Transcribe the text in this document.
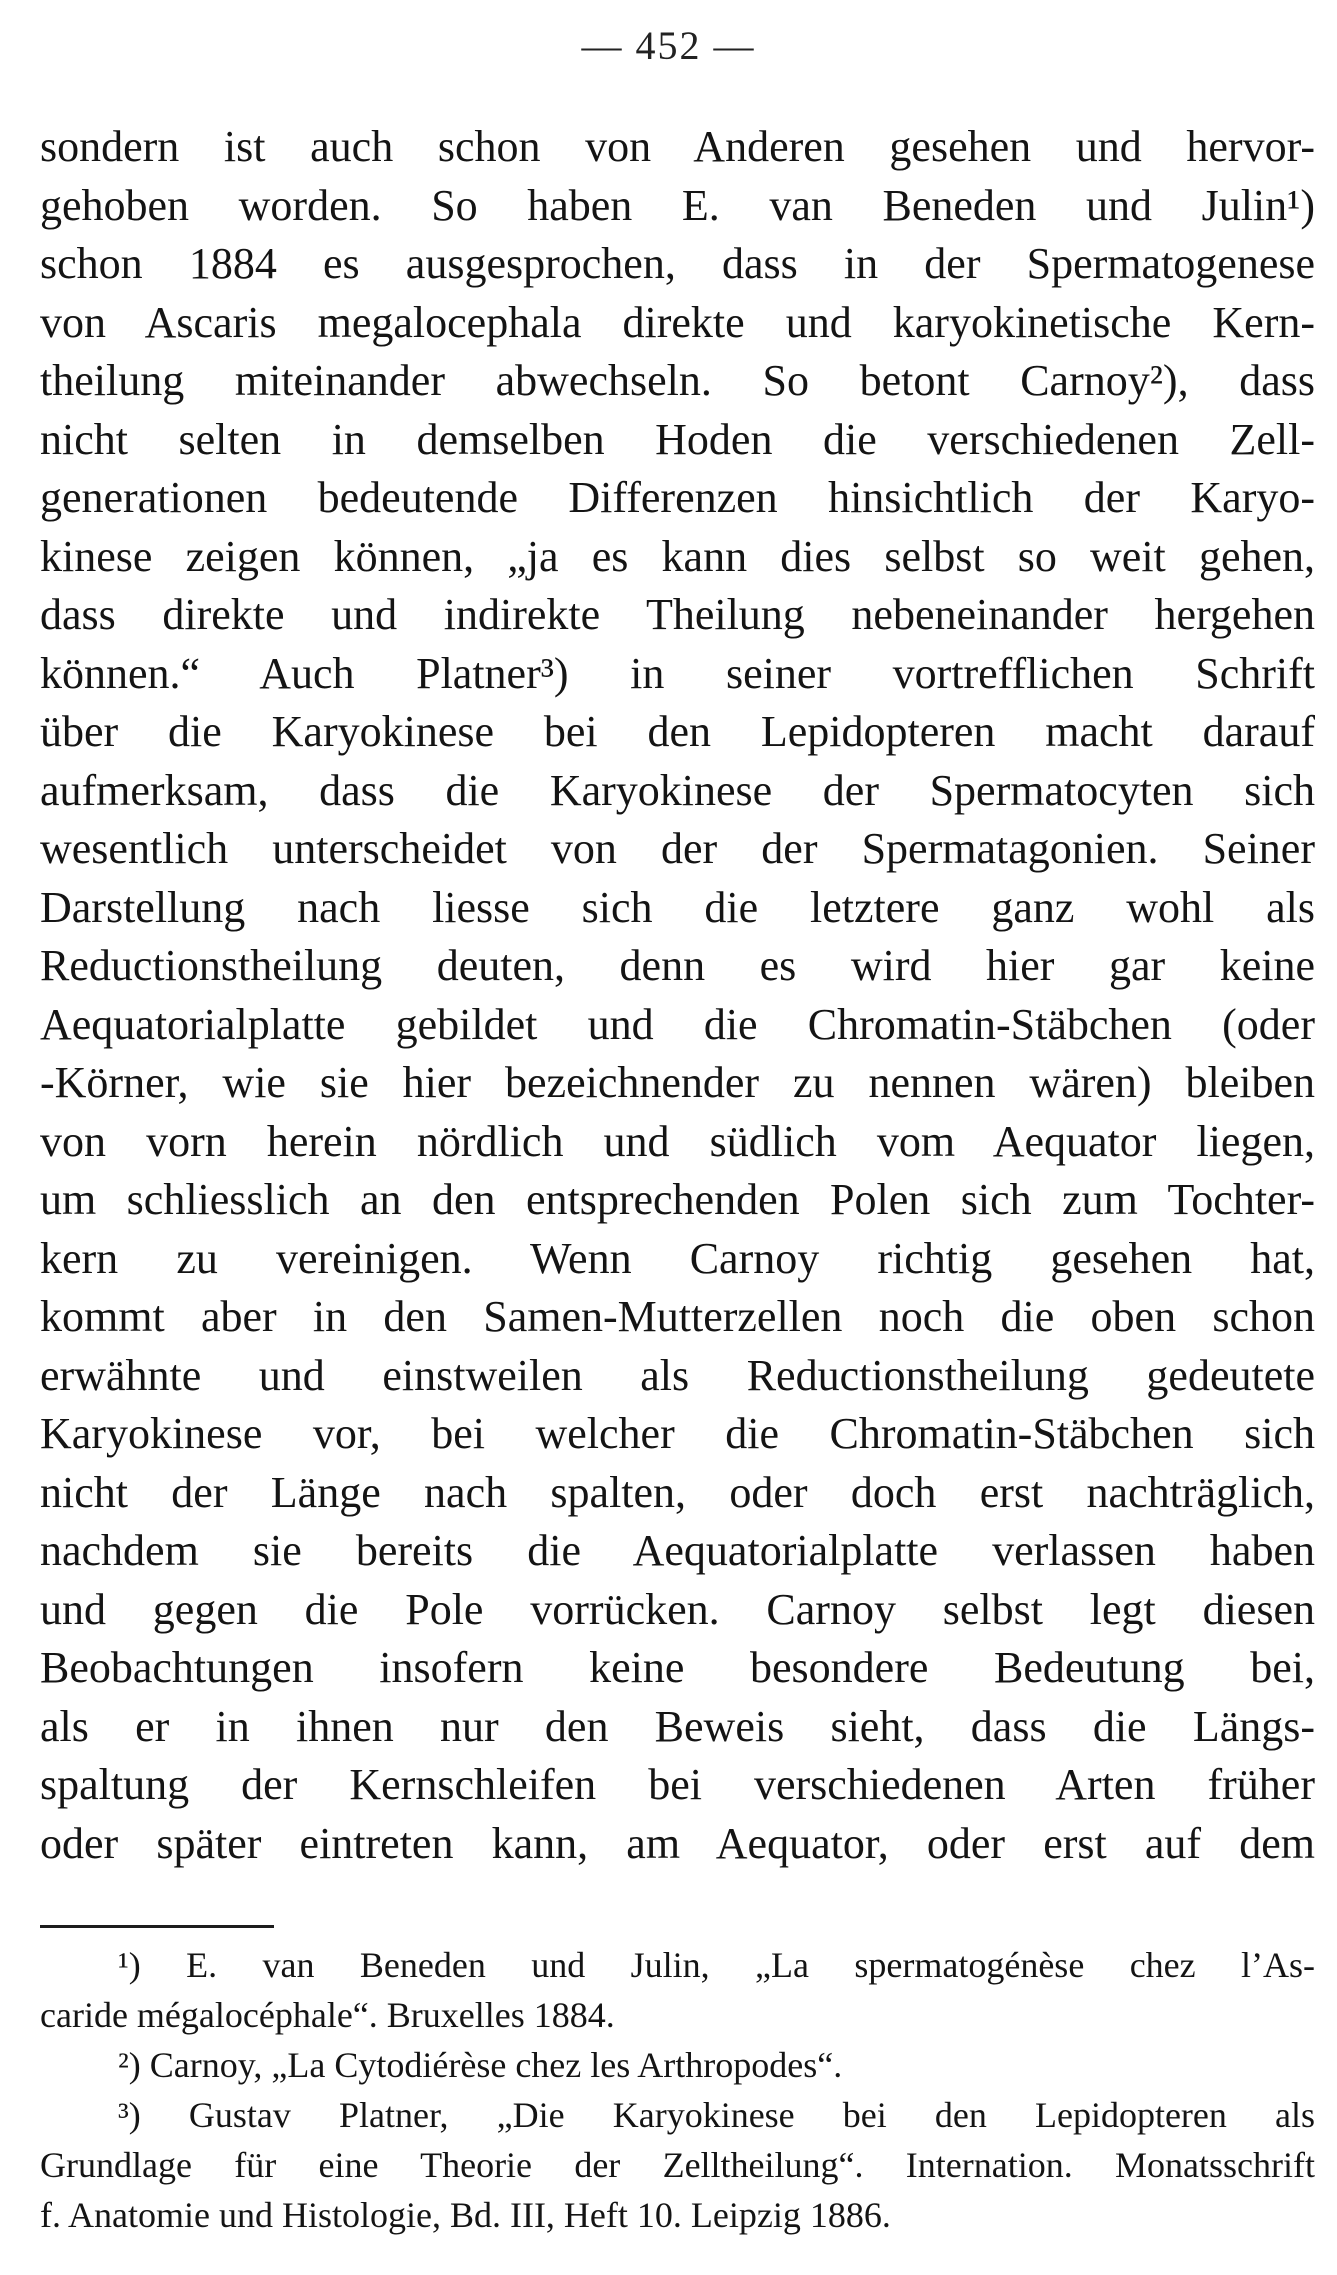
— 452 —
sondern ist auch schon von Anderen gesehen und hervor-
gehoben worden. So haben E. van Beneden und Julin¹)
schon 1884 es ausgesprochen, dass in der Spermatogenese
von Ascaris megalocephala direkte und karyokinetische Kern-
theilung miteinander abwechseln. So betont Carnoy²), dass
nicht selten in demselben Hoden die verschiedenen Zell-
generationen bedeutende Differenzen hinsichtlich der Karyo-
kinese zeigen können, „ja es kann dies selbst so weit gehen,
dass direkte und indirekte Theilung nebeneinander hergehen
können.“ Auch Platner³) in seiner vortrefflichen Schrift
über die Karyokinese bei den Lepidopteren macht darauf
aufmerksam, dass die Karyokinese der Spermatocyten sich
wesentlich unterscheidet von der der Spermatagonien. Seiner
Darstellung nach liesse sich die letztere ganz wohl als
Reductionstheilung deuten, denn es wird hier gar keine
Aequatorialplatte gebildet und die Chromatin-Stäbchen (oder
-Körner, wie sie hier bezeichnender zu nennen wären) bleiben
von vorn herein nördlich und südlich vom Aequator liegen,
um schliesslich an den entsprechenden Polen sich zum Tochter-
kern zu vereinigen. Wenn Carnoy richtig gesehen hat,
kommt aber in den Samen-Mutterzellen noch die oben schon
erwähnte und einstweilen als Reductionstheilung gedeutete
Karyokinese vor, bei welcher die Chromatin-Stäbchen sich
nicht der Länge nach spalten, oder doch erst nachträglich,
nachdem sie bereits die Aequatorialplatte verlassen haben
und gegen die Pole vorrücken. Carnoy selbst legt diesen
Beobachtungen insofern keine besondere Bedeutung bei,
als er in ihnen nur den Beweis sieht, dass die Längs-
spaltung der Kernschleifen bei verschiedenen Arten früher
oder später eintreten kann, am Aequator, oder erst auf dem
¹) E. van Beneden und Julin, „La spermatogénèse chez l’As-
caride mégalocéphale“. Bruxelles 1884.
²) Carnoy, „La Cytodiérèse chez les Arthropodes“.
³) Gustav Platner, „Die Karyokinese bei den Lepidopteren als
Grundlage für eine Theorie der Zelltheilung“. Internation. Monatsschrift
f. Anatomie und Histologie, Bd. III, Heft 10. Leipzig 1886.
